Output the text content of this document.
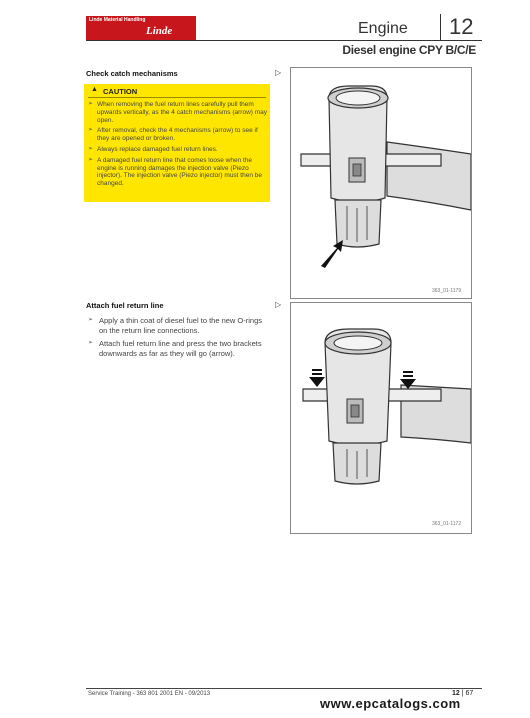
Linde Material Handling
Linde	Engine 12
Diesel engine CPY B/C/E
Check catch mechanisms	▷
▲ CAUTION
➢ When removing the fuel return lines carefully pull them upwards vertically, as the 4 catch mechanisms (arrow) may open.
➢ After removal, check the 4 mechanisms (arrow) to see if they are opened or broken.
➢ Always replace damaged fuel return lines.
➢ A damaged fuel return line that comes loose when the engine is running damages the injection valve (Piezo injector). The injection valve (Piezo injector) must then be changed.
363_01-1179
Attach fuel return line	▷
➢ Apply a thin coat of diesel fuel to the new O-rings on the return line connections.
➢ Attach fuel return line and press the two brackets downwards as far as they will go (arrow).
363_01-1172
Service Training - 363 801 2001 EN - 09/2013	12 | 67
www.epcatalogs.com
